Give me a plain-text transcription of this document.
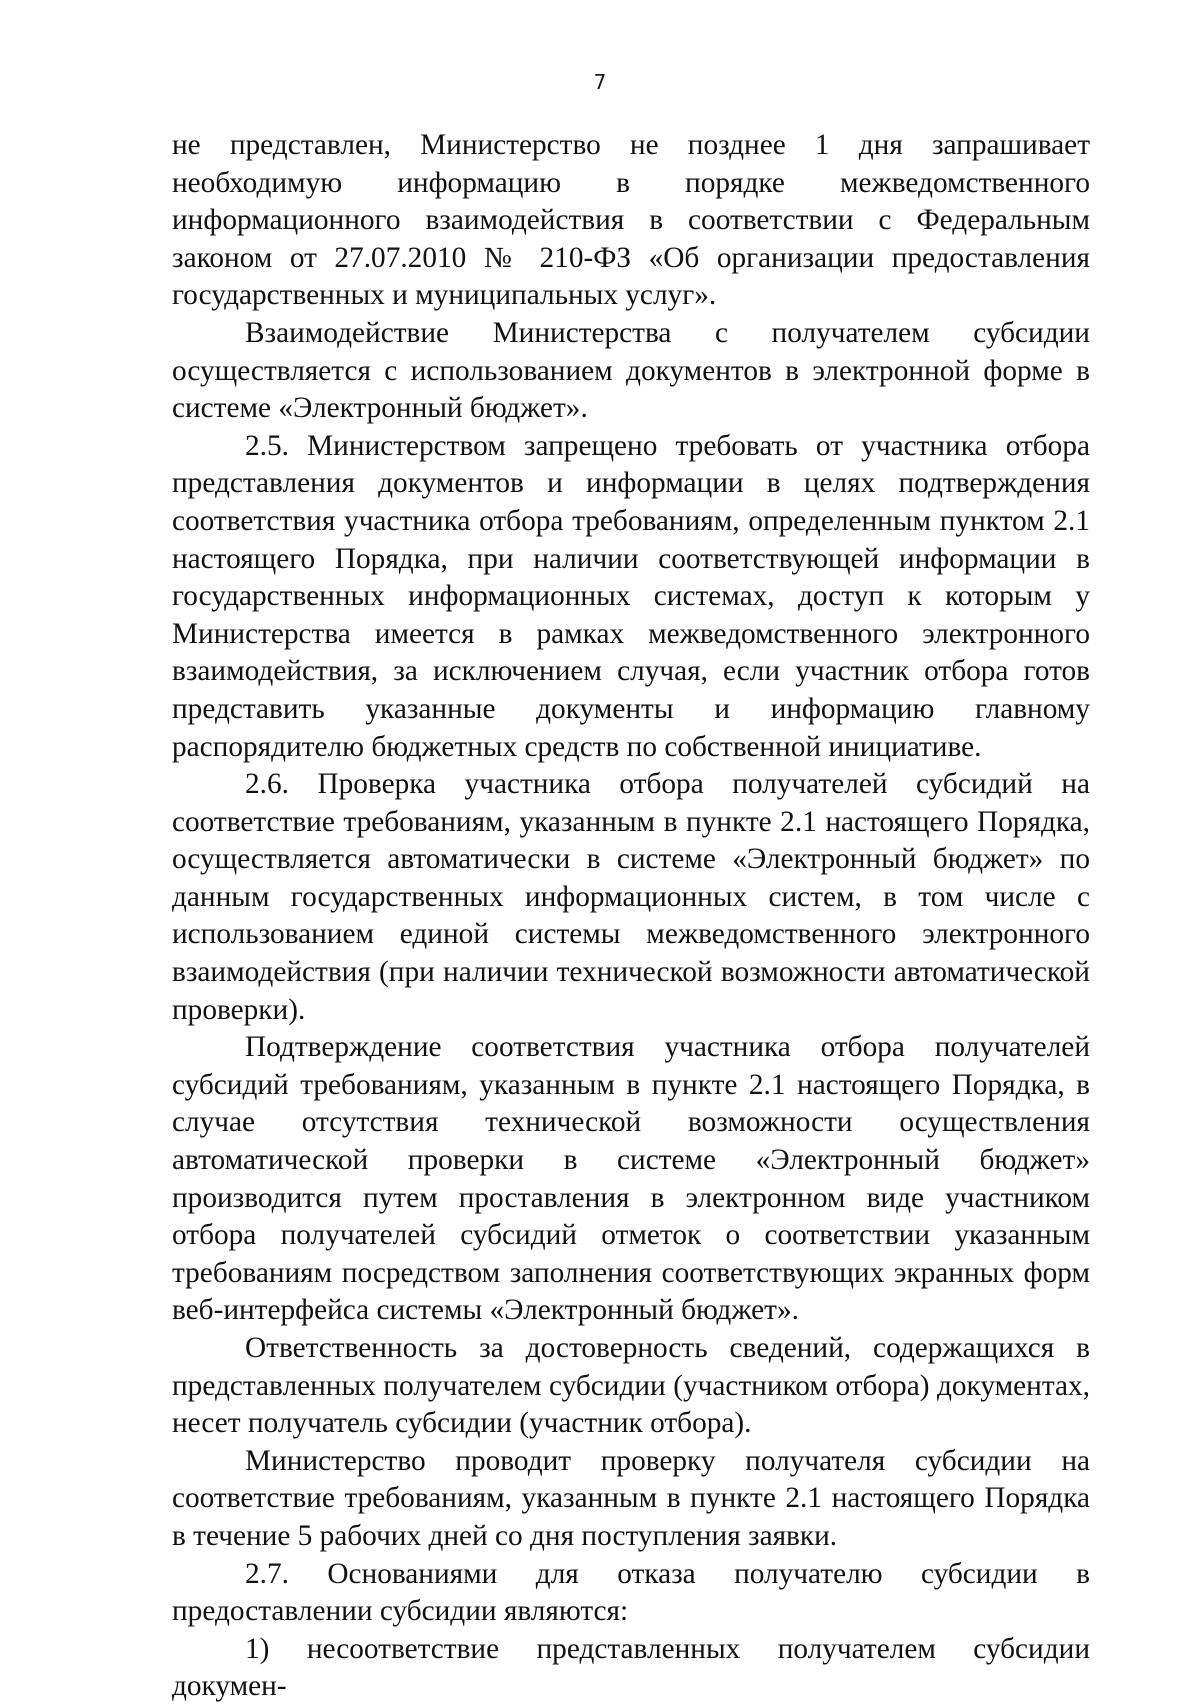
7

не представлен, Министерство не позднее 1 дня запрашивает необходимую информацию в порядке межведомственного информационного взаимодействия в соответствии с Федеральным законом от 27.07.2010 № 210-ФЗ «Об организации предоставления государственных и муниципальных услуг».

Взаимодействие Министерства с получателем субсидии осуществляется с использованием документов в электронной форме в системе «Электронный бюджет».

2.5. Министерством запрещено требовать от участника отбора представления документов и информации в целях подтверждения соответствия участника отбора требованиям, определенным пунктом 2.1 настоящего Порядка, при наличии соответствующей информации в государственных информационных системах, доступ к которым у Министерства имеется в рамках межведомственного электронного взаимодействия, за исключением случая, если участник отбора готов представить указанные документы и информацию главному распорядителю бюджетных средств по собственной инициативе.

2.6. Проверка участника отбора получателей субсидий на соответствие требованиям, указанным в пункте 2.1 настоящего Порядка, осуществляется автоматически в системе «Электронный бюджет» по данным государственных информационных систем, в том числе с использованием единой системы межведомственного электронного взаимодействия (при наличии технической возможности автоматической проверки).

Подтверждение соответствия участника отбора получателей субсидий требованиям, указанным в пункте 2.1 настоящего Порядка, в случае отсутствия технической возможности осуществления автоматической проверки в системе «Электронный бюджет» производится путем проставления в электронном виде участником отбора получателей субсидий отметок о соответствии указанным требованиям посредством заполнения соответствующих экранных форм веб-интерфейса системы «Электронный бюджет».

Ответственность за достоверность сведений, содержащихся в представленных получателем субсидии (участником отбора) документах, несет получатель субсидии (участник отбора).

Министерство проводит проверку получателя субсидии на соответствие требованиям, указанным в пункте 2.1 настоящего Порядка в течение 5 рабочих дней со дня поступления заявки.

2.7. Основаниями для отказа получателю субсидии в предоставлении субсидии являются:

1) несоответствие представленных получателем субсидии докумен-
